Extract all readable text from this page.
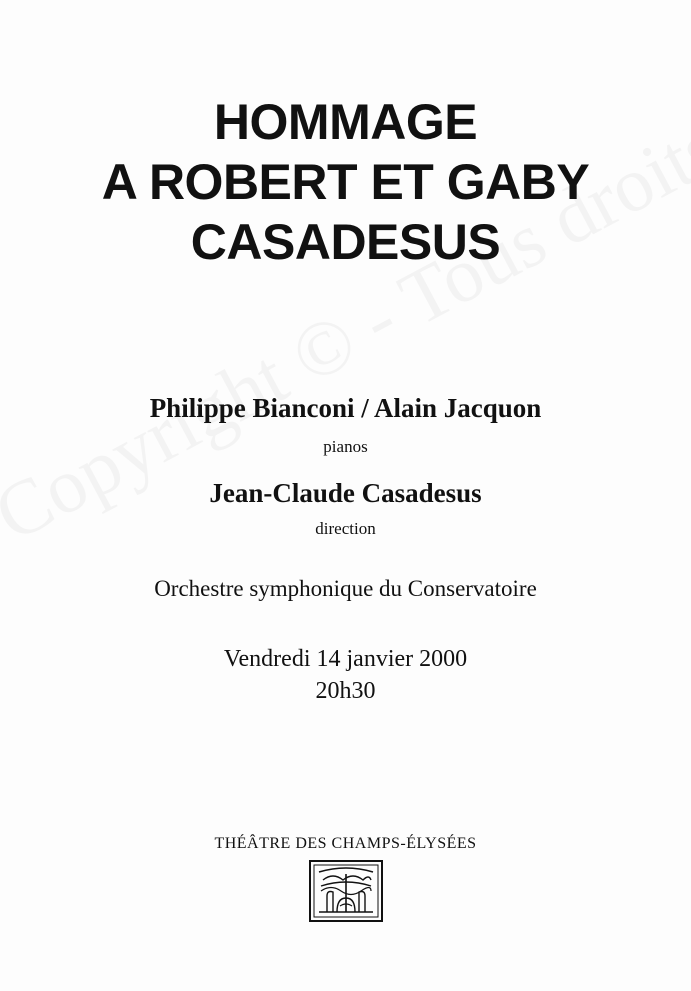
HOMMAGE
A ROBERT ET GABY
CASADESUS
Philippe Bianconi / Alain Jacquon
pianos
Jean-Claude Casadesus
direction
Orchestre symphonique du Conservatoire
Vendredi 14 janvier 2000
20h30
THÉÂTRE DES CHAMPS-ÉLYSÉES
